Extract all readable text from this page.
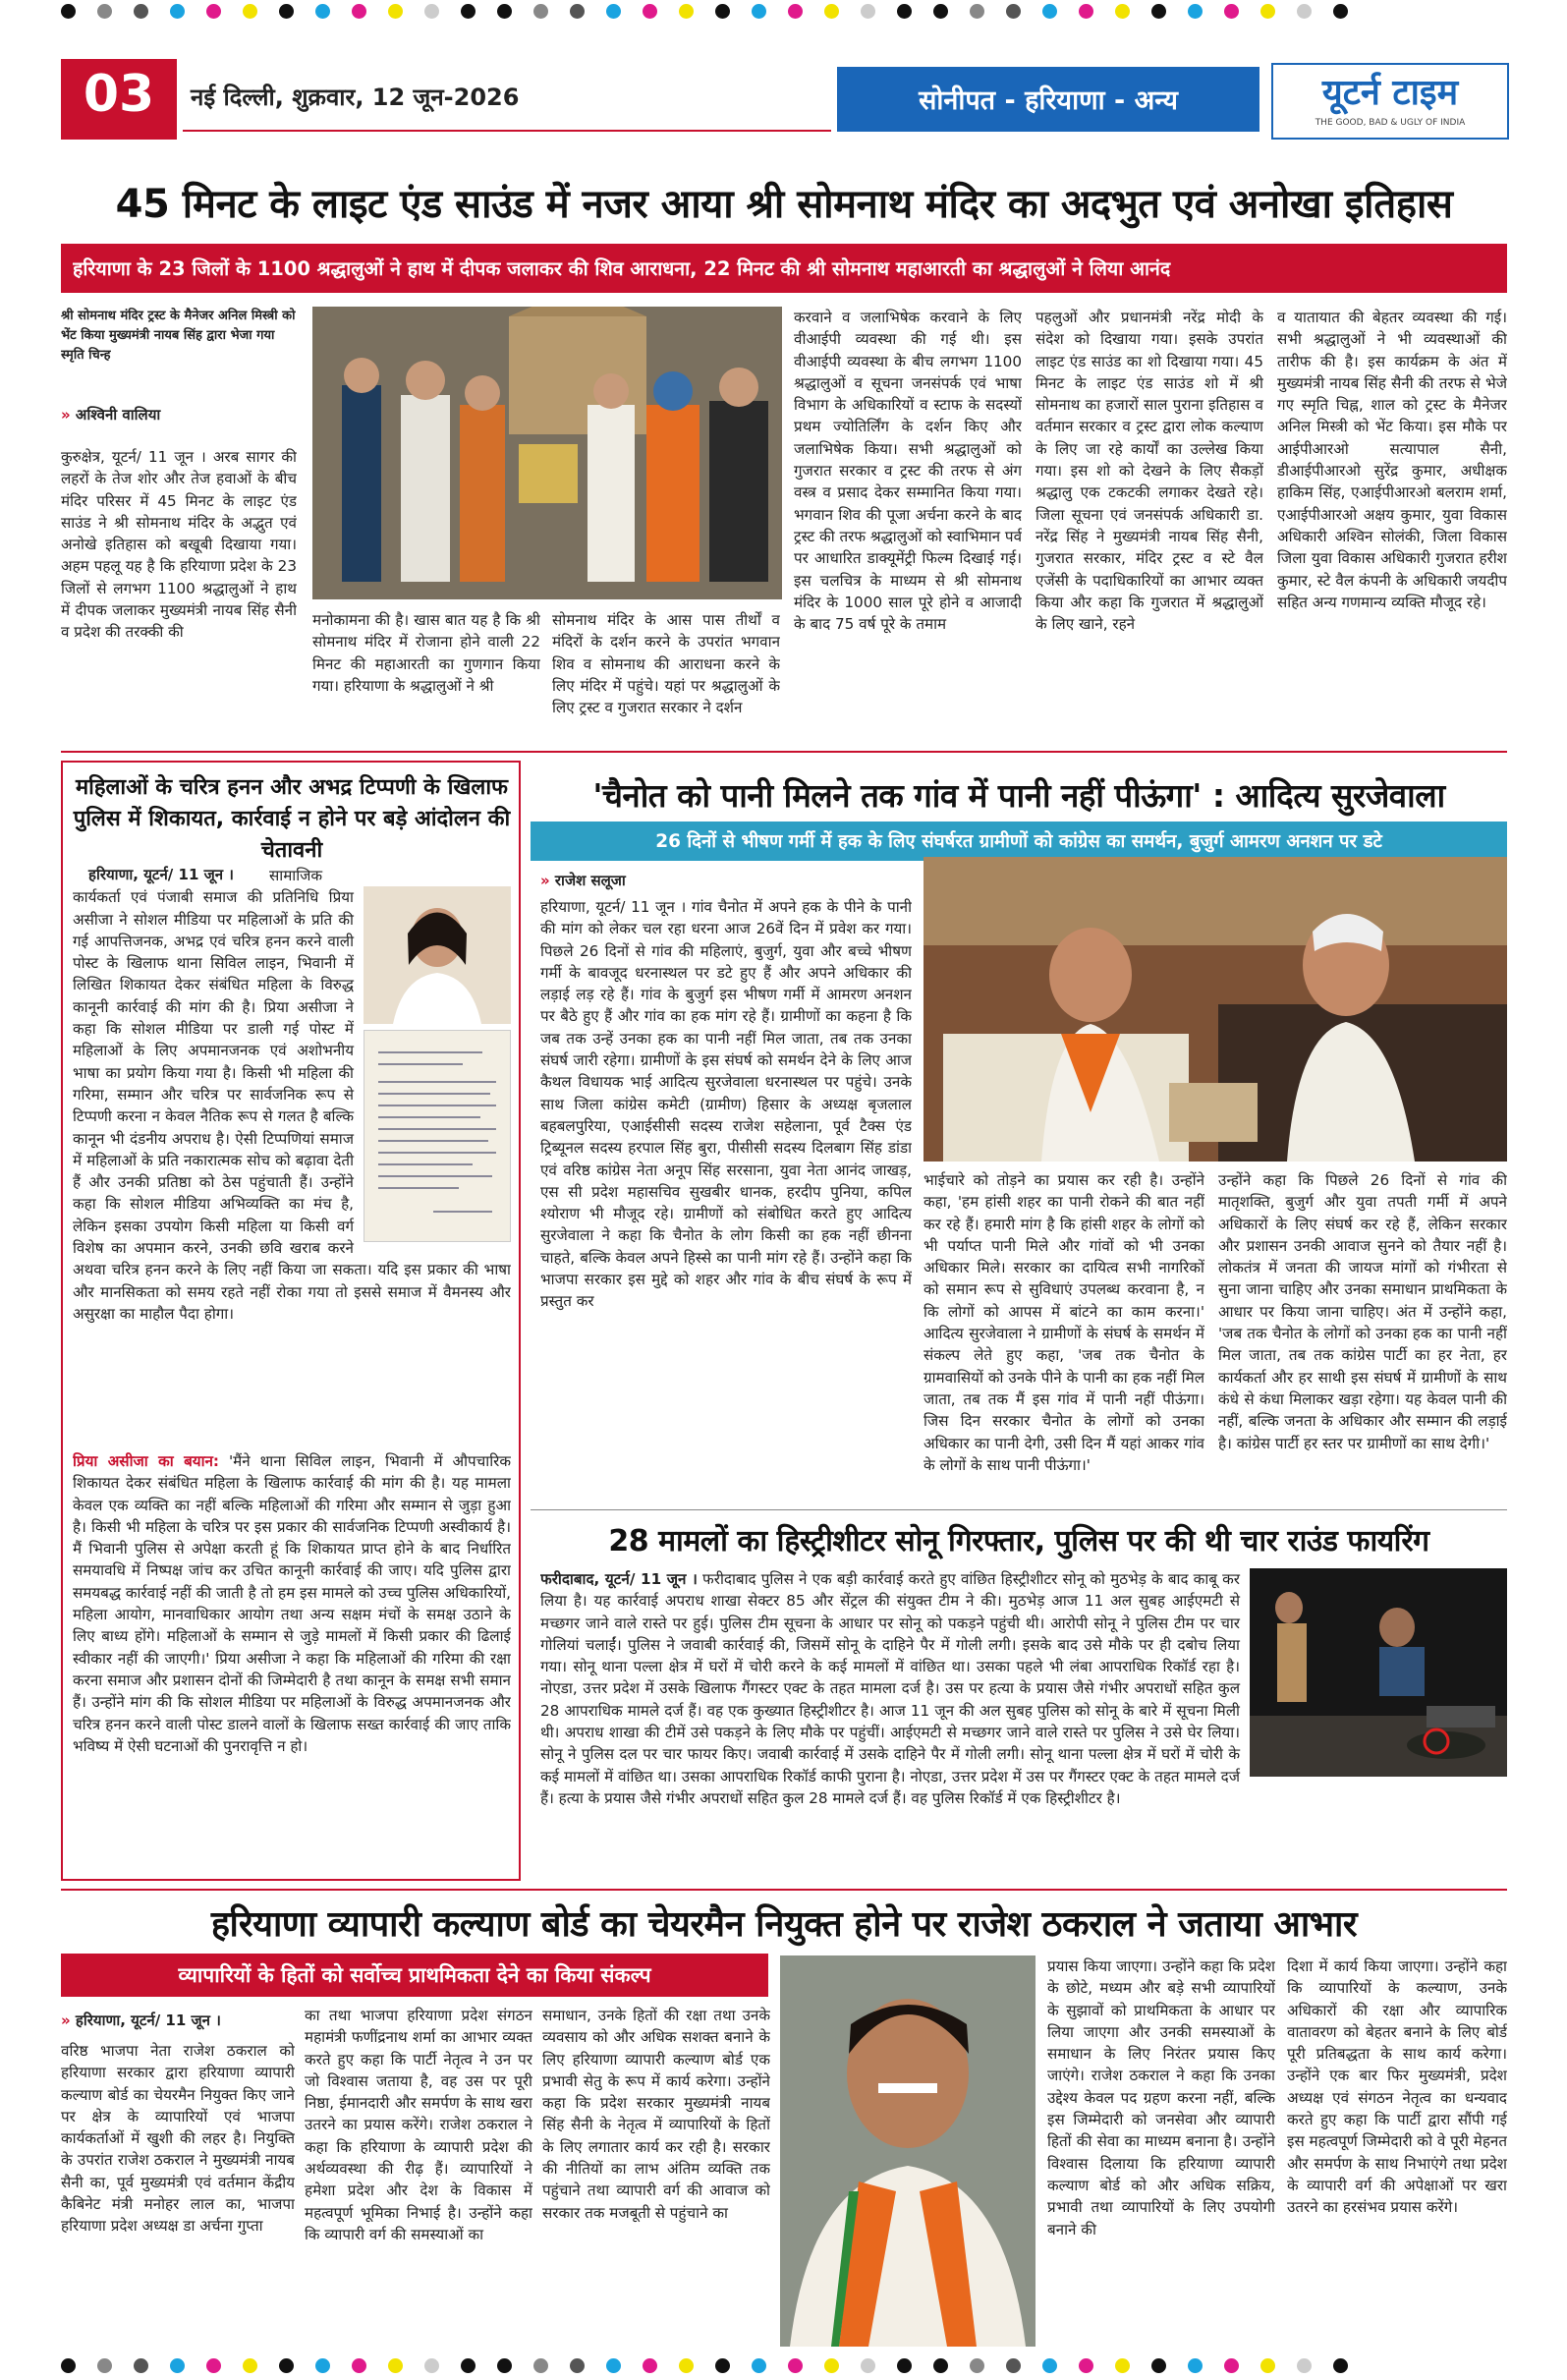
03	नई दिल्ली, शुक्रवार, 12 जून-2026	सोनीपत - हरियाणा - अन्य	यूटर्न टाइम
THE GOOD, BAD & UGLY OF INDIA
45 मिनट के लाइट एंड साउंड में नजर आया श्री सोमनाथ मंदिर का अदभुत एवं अनोखा इतिहास
हरियाणा के 23 जिलों के 1100 श्रद्धालुओं ने हाथ में दीपक जलाकर की शिव आराधना, 22 मिनट की श्री सोमनाथ महाआरती का श्रद्धालुओं ने लिया आनंद
श्री सोमनाथ मंदिर ट्रस्ट के मैनेजर अनिल मिस्त्री को भेंट किया मुख्यमंत्री नायब सिंह द्वारा भेजा गया स्मृति चिन्ह
» अश्विनी वालिया
कुरुक्षेत्र, यूटर्न/ 11 जून । अरब सागर की लहरों के तेज शोर और तेज हवाओं के बीच मंदिर परिसर में 45 मिनट के लाइट एंड साउंड ने श्री सोमनाथ मंदिर के अद्भुत एवं अनोखे इतिहास को बखूबी दिखाया गया। अहम पहलू यह है कि हरियाणा प्रदेश के 23 जिलों से लगभग 1100 श्रद्धालुओं ने हाथ में दीपक जलाकर मुख्यमंत्री नायब सिंह सैनी व प्रदेश की तरक्की की
मनोकामना की है। खास बात यह है कि श्री सोमनाथ मंदिर में रोजाना होने वाली 22 मिनट की महाआरती का गुणगान किया गया। हरियाणा के श्रद्धालुओं ने श्री
सोमनाथ मंदिर के आस पास तीर्थों व मंदिरों के दर्शन करने के उपरांत भगवान शिव व सोमनाथ की आराधना करने के लिए मंदिर में पहुंचे। यहां पर श्रद्धालुओं के लिए ट्रस्ट व गुजरात सरकार ने दर्शन
करवाने व जलाभिषेक करवाने के लिए वीआईपी व्यवस्था की गई थी। इस वीआईपी व्यवस्था के बीच लगभग 1100 श्रद्धालुओं व सूचना जनसंपर्क एवं भाषा विभाग के अधिकारियों व स्टाफ के सदस्यों प्रथम ज्योतिर्लिंग के दर्शन किए और जलाभिषेक किया। सभी श्रद्धालुओं को गुजरात सरकार व ट्रस्ट की तरफ से अंग वस्त्र व प्रसाद देकर सम्मानित किया गया। भगवान शिव की पूजा अर्चना करने के बाद ट्रस्ट की तरफ श्रद्धालुओं को स्वाभिमान पर्व पर आधारित डाक्यूमेंट्री फिल्म दिखाई गई। इस चलचित्र के माध्यम से श्री सोमनाथ मंदिर के 1000 साल पूरे होने व आजादी के बाद 75 वर्ष पूरे के तमाम
पहलुओं और प्रधानमंत्री नरेंद्र मोदी के संदेश को दिखाया गया। इसके उपरांत लाइट एंड साउंड का शो दिखाया गया। 45 मिनट के लाइट एंड साउंड शो में श्री सोमनाथ का हजारों साल पुराना इतिहास व वर्तमान सरकार व ट्रस्ट द्वारा लोक कल्याण के लिए जा रहे कार्यों का उल्लेख किया गया। इस शो को देखने के लिए सैकड़ों श्रद्धालु एक टकटकी लगाकर देखते रहे। जिला सूचना एवं जनसंपर्क अधिकारी डा. नरेंद्र सिंह ने मुख्यमंत्री नायब सिंह सैनी, गुजरात सरकार, मंदिर ट्रस्ट व स्टे वैल एजेंसी के पदाधिकारियों का आभार व्यक्त किया और कहा कि गुजरात में श्रद्धालुओं के लिए खाने, रहने
व यातायात की बेहतर व्यवस्था की गई। सभी श्रद्धालुओं ने भी व्यवस्थाओं की तारीफ की है। इस कार्यक्रम के अंत में मुख्यमंत्री नायब सिंह सैनी की तरफ से भेजे गए स्मृति चिह्न, शाल को ट्रस्ट के मैनेजर अनिल मिस्त्री को भेंट किया। इस मौके पर आईपीआरओ सत्यापाल सैनी, डीआईपीआरओ सुरेंद्र कुमार, अधीक्षक हाकिम सिंह, एआईपीआरओ बलराम शर्मा, एआईपीआरओ अक्षय कुमार, युवा विकास अधिकारी अश्विन सोलंकी, जिला विकास जिला युवा विकास अधिकारी गुजरात हरीश कुमार, स्टे वैल कंपनी के अधिकारी जयदीप सहित अन्य गणमान्य व्यक्ति मौजूद रहे।
महिलाओं के चरित्र हनन और अभद्र टिप्पणी के खिलाफ पुलिस में शिकायत, कार्रवाई न होने पर बड़े आंदोलन की चेतावनी
हरियाणा, यूटर्न/ 11 जून ।	सामाजिक कार्यकर्ता एवं पंजाबी समाज की प्रतिनिधि प्रिया असीजा ने सोशल मीडिया पर महिलाओं के प्रति की गई आपत्तिजनक, अभद्र एवं चरित्र हनन करने वाली पोस्ट के खिलाफ थाना सिविल लाइन, भिवानी में लिखित शिकायत देकर संबंधित महिला के विरुद्ध कानूनी कार्रवाई की मांग की है। प्रिया असीजा ने कहा कि सोशल मीडिया पर डाली गई पोस्ट में महिलाओं के लिए अपमानजनक एवं अशोभनीय भाषा का प्रयोग किया गया है। किसी भी महिला की गरिमा, सम्मान और चरित्र पर सार्वजनिक रूप से टिप्पणी करना न केवल नैतिक रूप से गलत है बल्कि कानून भी दंडनीय अपराध है। ऐसी टिप्पणियां समाज में महिलाओं के प्रति नकारात्मक सोच को बढ़ावा देती हैं और उनकी प्रतिष्ठा को ठेस पहुंचाती हैं। उन्होंने कहा कि सोशल मीडिया अभिव्यक्ति का मंच है, लेकिन इसका उपयोग किसी महिला या किसी वर्ग विशेष का अपमान करने, उनकी छवि खराब करने अथवा चरित्र हनन करने के लिए नहीं किया जा सकता। यदि इस प्रकार की भाषा और मानसिकता को समय रहते नहीं रोका गया तो इससे समाज में वैमनस्य और असुरक्षा का माहौल पैदा होगा।
प्रिया असीजा का बयान: 'मैंने थाना सिविल लाइन, भिवानी में औपचारिक शिकायत देकर संबंधित महिला के खिलाफ कार्रवाई की मांग की है। यह मामला केवल एक व्यक्ति का नहीं बल्कि महिलाओं की गरिमा और सम्मान से जुड़ा हुआ है। किसी भी महिला के चरित्र पर इस प्रकार की सार्वजनिक टिप्पणी अस्वीकार्य है। मैं भिवानी पुलिस से अपेक्षा करती हूं कि शिकायत प्राप्त होने के बाद निर्धारित समयावधि में निष्पक्ष जांच कर उचित कानूनी कार्रवाई की जाए। यदि पुलिस द्वारा समयबद्ध कार्रवाई नहीं की जाती है तो हम इस मामले को उच्च पुलिस अधिकारियों, महिला आयोग, मानवाधिकार आयोग तथा अन्य सक्षम मंचों के समक्ष उठाने के लिए बाध्य होंगे। महिलाओं के सम्मान से जुड़े मामलों में किसी प्रकार की ढिलाई स्वीकार नहीं की जाएगी।' प्रिया असीजा ने कहा कि महिलाओं की गरिमा की रक्षा करना समाज और प्रशासन दोनों की जिम्मेदारी है तथा कानून के समक्ष सभी समान हैं। उन्होंने मांग की कि सोशल मीडिया पर महिलाओं के विरुद्ध अपमानजनक और चरित्र हनन करने वाली पोस्ट डालने वालों के खिलाफ सख्त कार्रवाई की जाए ताकि भविष्य में ऐसी घटनाओं की पुनरावृत्ति न हो।
'चैनोत को पानी मिलने तक गांव में पानी नहीं पीऊंगा' : आदित्य सुरजेवाला
26 दिनों से भीषण गर्मी में हक के लिए संघर्षरत ग्रामीणों को कांग्रेस का समर्थन, बुजुर्ग आमरण अनशन पर डटे
» राजेश सलूजा
हरियाणा, यूटर्न/ 11 जून । गांव चैनोत में अपने हक के पीने के पानी की मांग को लेकर चल रहा धरना आज 26वें दिन में प्रवेश कर गया। पिछले 26 दिनों से गांव की महिलाएं, बुजुर्ग, युवा और बच्चे भीषण गर्मी के बावजूद धरनास्थल पर डटे हुए हैं और अपने अधिकार की लड़ाई लड़ रहे हैं। गांव के बुजुर्ग इस भीषण गर्मी में आमरण अनशन पर बैठे हुए हैं और गांव का हक मांग रहे हैं। ग्रामीणों का कहना है कि जब तक उन्हें उनका हक का पानी नहीं मिल जाता, तब तक उनका संघर्ष जारी रहेगा। ग्रामीणों के इस संघर्ष को समर्थन देने के लिए आज कैथल विधायक भाई आदित्य सुरजेवाला धरनास्थल पर पहुंचे। उनके साथ जिला कांग्रेस कमेटी (ग्रामीण) हिसार के अध्यक्ष बृजलाल बहबलपुरिया, एआईसीसी सदस्य राजेश सहेलाना, पूर्व टैक्स एंड ट्रिब्यूनल सदस्य हरपाल सिंह बुरा, पीसीसी सदस्य दिलबाग सिंह डांडा एवं वरिष्ठ कांग्रेस नेता अनूप सिंह सरसाना, युवा नेता आनंद जाखड़, एस सी प्रदेश महासचिव सुखबीर धानक, हरदीप पुनिया, कपिल श्योराण भी मौजूद रहे। ग्रामीणों को संबोधित करते हुए आदित्य सुरजेवाला ने कहा कि चैनोत के लोग किसी का हक नहीं छीनना चाहते, बल्कि केवल अपने हिस्से का पानी मांग रहे हैं। उन्होंने कहा कि भाजपा सरकार इस मुद्दे को शहर और गांव के बीच संघर्ष के रूप में प्रस्तुत कर
भाईचारे को तोड़ने का प्रयास कर रही है। उन्होंने कहा, 'हम हांसी शहर का पानी रोकने की बात नहीं कर रहे हैं। हमारी मांग है कि हांसी शहर के लोगों को भी पर्याप्त पानी मिले और गांवों को भी उनका अधिकार मिले। सरकार का दायित्व सभी नागरिकों को समान रूप से सुविधाएं उपलब्ध करवाना है, न कि लोगों को आपस में बांटने का काम करना।' आदित्य सुरजेवाला ने ग्रामीणों के संघर्ष के समर्थन में संकल्प लेते हुए कहा, 'जब तक चैनोत के ग्रामवासियों को उनके पीने के पानी का हक नहीं मिल जाता, तब तक मैं इस गांव में पानी नहीं पीऊंगा। जिस दिन सरकार चैनोत के लोगों को उनका अधिकार का पानी देगी, उसी दिन मैं यहां आकर गांव के लोगों के साथ पानी पीऊंगा।'
उन्होंने कहा कि पिछले 26 दिनों से गांव की मातृशक्ति, बुजुर्ग और युवा तपती गर्मी में अपने अधिकारों के लिए संघर्ष कर रहे हैं, लेकिन सरकार और प्रशासन उनकी आवाज सुनने को तैयार नहीं है। लोकतंत्र में जनता की जायज मांगों को गंभीरता से सुना जाना चाहिए और उनका समाधान प्राथमिकता के आधार पर किया जाना चाहिए। अंत में उन्होंने कहा, 'जब तक चैनोत के लोगों को उनका हक का पानी नहीं मिल जाता, तब तक कांग्रेस पार्टी का हर नेता, हर कार्यकर्ता और हर साथी इस संघर्ष में ग्रामीणों के साथ कंधे से कंधा मिलाकर खड़ा रहेगा। यह केवल पानी की नहीं, बल्कि जनता के अधिकार और सम्मान की लड़ाई है। कांग्रेस पार्टी हर स्तर पर ग्रामीणों का साथ देगी।'
28 मामलों का हिस्ट्रीशीटर सोनू गिरफ्तार, पुलिस पर की थी चार राउंड फायरिंग
फरीदाबाद, यूटर्न/ 11 जून । फरीदाबाद पुलिस ने एक बड़ी कार्रवाई करते हुए वांछित हिस्ट्रीशीटर सोनू को मुठभेड़ के बाद काबू कर लिया है। यह कार्रवाई अपराध शाखा सेक्टर 85 और सेंट्रल की संयुक्त टीम ने की। मुठभेड़ आज 11 अल सुबह आईएमटी से मच्छगर जाने वाले रास्ते पर हुई। पुलिस टीम सूचना के आधार पर सोनू को पकड़ने पहुंची थी। आरोपी सोनू ने पुलिस टीम पर चार गोलियां चलाईं। पुलिस ने जवाबी कार्रवाई की, जिसमें सोनू के दाहिने पैर में गोली लगी। इसके बाद उसे मौके पर ही दबोच लिया गया। सोनू थाना पल्ला क्षेत्र में घरों में चोरी करने के कई मामलों में वांछित था। उसका पहले भी लंबा आपराधिक रिकॉर्ड रहा है। नोएडा, उत्तर प्रदेश में उसके खिलाफ गैंगस्टर एक्ट के तहत मामला दर्ज है। उस पर हत्या के प्रयास जैसे गंभीर अपराधों सहित कुल 28 आपराधिक मामले दर्ज हैं। वह एक कुख्यात हिस्ट्रीशीटर है। आज 11 जून की अल सुबह पुलिस को सोनू के बारे में सूचना मिली थी। अपराध शाखा की टीमें उसे पकड़ने के लिए मौके पर पहुंचीं। आईएमटी से मच्छगर जाने वाले रास्ते पर पुलिस ने उसे घेर लिया। सोनू ने पुलिस दल पर चार फायर किए। जवाबी कार्रवाई में उसके दाहिने पैर में गोली लगी। सोनू थाना पल्ला क्षेत्र में घरों में चोरी के कई मामलों में वांछित था। उसका आपराधिक रिकॉर्ड काफी पुराना है। नोएडा, उत्तर प्रदेश में उस पर गैंगस्टर एक्ट के तहत मामले दर्ज हैं। हत्या के प्रयास जैसे गंभीर अपराधों सहित कुल 28 मामले दर्ज हैं। वह पुलिस रिकॉर्ड में एक हिस्ट्रीशीटर है।
हरियाणा व्यापारी कल्याण बोर्ड का चेयरमैन नियुक्त होने पर राजेश ठकराल ने जताया आभार
व्यापारियों के हितों को सर्वोच्च प्राथमिकता देने का किया संकल्प
» हरियाणा, यूटर्न/ 11 जून ।
वरिष्ठ भाजपा नेता राजेश ठकराल को हरियाणा सरकार द्वारा हरियाणा व्यापारी कल्याण बोर्ड का चेयरमैन नियुक्त किए जाने पर क्षेत्र के व्यापारियों एवं भाजपा कार्यकर्ताओं में खुशी की लहर है। नियुक्ति के उपरांत राजेश ठकराल ने मुख्यमंत्री नायब सैनी का, पूर्व मुख्यमंत्री एवं वर्तमान केंद्रीय कैबिनेट मंत्री मनोहर लाल का, भाजपा हरियाणा प्रदेश अध्यक्ष डा अर्चना गुप्ता
का तथा भाजपा हरियाणा प्रदेश संगठन महामंत्री फणींद्रनाथ शर्मा का आभार व्यक्त करते हुए कहा कि पार्टी नेतृत्व ने उन पर जो विश्वास जताया है, वह उस पर पूरी निष्ठा, ईमानदारी और समर्पण के साथ खरा उतरने का प्रयास करेंगे। राजेश ठकराल ने कहा कि हरियाणा के व्यापारी प्रदेश की अर्थव्यवस्था की रीढ़ हैं। व्यापारियों ने हमेशा प्रदेश और देश के विकास में महत्वपूर्ण भूमिका निभाई है। उन्होंने कहा कि व्यापारी वर्ग की समस्याओं का
समाधान, उनके हितों की रक्षा तथा उनके व्यवसाय को और अधिक सशक्त बनाने के लिए हरियाणा व्यापारी कल्याण बोर्ड एक प्रभावी सेतु के रूप में कार्य करेगा। उन्होंने कहा कि प्रदेश सरकार मुख्यमंत्री नायब सिंह सैनी के नेतृत्व में व्यापारियों के हितों के लिए लगातार कार्य कर रही है। सरकार की नीतियों का लाभ अंतिम व्यक्ति तक पहुंचाने तथा व्यापारी वर्ग की आवाज को सरकार तक मजबूती से पहुंचाने का
प्रयास किया जाएगा। उन्होंने कहा कि प्रदेश के छोटे, मध्यम और बड़े सभी व्यापारियों के सुझावों को प्राथमिकता के आधार पर लिया जाएगा और उनकी समस्याओं के समाधान के लिए निरंतर प्रयास किए जाएंगे। राजेश ठकराल ने कहा कि उनका उद्देश्य केवल पद ग्रहण करना नहीं, बल्कि इस जिम्मेदारी को जनसेवा और व्यापारी हितों की सेवा का माध्यम बनाना है। उन्होंने विश्वास दिलाया कि हरियाणा व्यापारी कल्याण बोर्ड को और अधिक सक्रिय, प्रभावी तथा व्यापारियों के लिए उपयोगी बनाने की
दिशा में कार्य किया जाएगा। उन्होंने कहा कि व्यापारियों के कल्याण, उनके अधिकारों की रक्षा और व्यापारिक वातावरण को बेहतर बनाने के लिए बोर्ड पूरी प्रतिबद्धता के साथ कार्य करेगा। उन्होंने एक बार फिर मुख्यमंत्री, प्रदेश अध्यक्ष एवं संगठन नेतृत्व का धन्यवाद करते हुए कहा कि पार्टी द्वारा सौंपी गई इस महत्वपूर्ण जिम्मेदारी को वे पूरी मेहनत और समर्पण के साथ निभाएंगे तथा प्रदेश के व्यापारी वर्ग की अपेक्षाओं पर खरा उतरने का हरसंभव प्रयास करेंगे।
